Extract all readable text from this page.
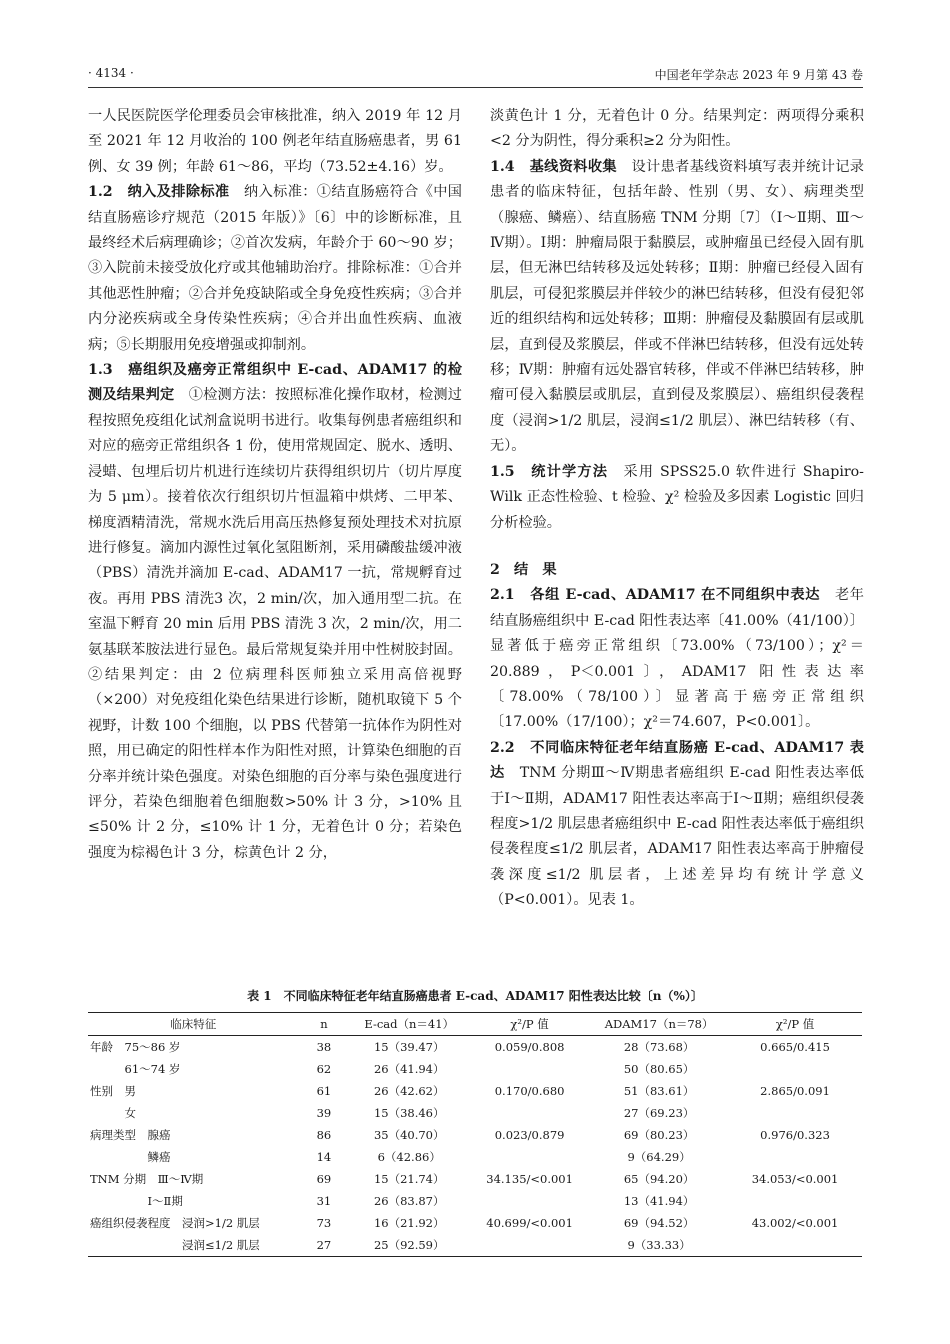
· 4134 ·	中国老年学杂志 2023 年 9 月第 43 卷

一人民医院医学伦理委员会审核批准，纳入 2019 年 12 月至 2021 年 12 月收治的 100 例老年结直肠癌患者，男 61 例、女 39 例；年龄 61～86，平均（73.52±4.16）岁。

1.2　纳入及排除标准　纳入标准：①结直肠癌符合《中国结直肠癌诊疗规范（2015 年版）》〔6〕中的诊断标准，且最终经术后病理确诊；②首次发病，年龄介于 60～90 岁；③入院前未接受放化疗或其他辅助治疗。排除标准：①合并其他恶性肿瘤；②合并免疫缺陷或全身免疫性疾病；③合并内分泌疾病或全身传染性疾病；④合并出血性疾病、血液病；⑤长期服用免疫增强或抑制剂。

1.3　癌组织及癌旁正常组织中 E-cad、ADAM17 的检测及结果判定　①检测方法：按照标准化操作取材，检测过程按照免疫组化试剂盒说明书进行。收集每例患者癌组织和对应的癌旁正常组织各 1 份，使用常规固定、脱水、透明、浸蜡、包埋后切片机进行连续切片获得组织切片（切片厚度为 5 μm）。接着依次行组织切片恒温箱中烘烤、二甲苯、梯度酒精清洗，常规水洗后用高压热修复预处理技术对抗原进行修复。滴加内源性过氧化氢阻断剂，采用磷酸盐缓冲液（PBS）清洗并滴加 E-cad、ADAM17 一抗，常规孵育过夜。再用 PBS 清洗3 次，2 min/次，加入通用型二抗。在室温下孵育 20 min 后用 PBS 清洗 3 次，2 min/次，用二氨基联苯胺法进行显色。最后常规复染并用中性树胶封固。②结果判定：由 2 位病理科医师独立采用高倍视野（×200）对免疫组化染色结果进行诊断，随机取镜下 5 个视野，计数 100 个细胞，以 PBS 代替第一抗体作为阴性对照，用已确定的阳性样本作为阳性对照，计算染色细胞的百分率并统计染色强度。对染色细胞的百分率与染色强度进行评分，若染色细胞着色细胞数>50% 计 3 分，>10% 且≤50% 计 2 分，≤10% 计 1 分，无着色计 0 分；若染色强度为棕褐色计 3 分，棕黄色计 2 分，

淡黄色计 1 分，无着色计 0 分。结果判定：两项得分乘积<2 分为阴性，得分乘积≥2 分为阳性。

1.4　基线资料收集　设计患者基线资料填写表并统计记录患者的临床特征，包括年龄、性别（男、女）、病理类型（腺癌、鳞癌）、结直肠癌 TNM 分期〔7〕（Ⅰ～Ⅱ期、Ⅲ～Ⅳ期）。Ⅰ期：肿瘤局限于黏膜层，或肿瘤虽已经侵入固有肌层，但无淋巴结转移及远处转移；Ⅱ期：肿瘤已经侵入固有肌层，可侵犯浆膜层并伴较少的淋巴结转移，但没有侵犯邻近的组织结构和远处转移；Ⅲ期：肿瘤侵及黏膜固有层或肌层，直到侵及浆膜层，伴或不伴淋巴结转移，但没有远处转移；Ⅳ期：肿瘤有远处器官转移，伴或不伴淋巴结转移，肿瘤可侵入黏膜层或肌层，直到侵及浆膜层）、癌组织侵袭程度（浸润>1/2 肌层，浸润≤1/2 肌层）、淋巴结转移（有、无）。

1.5　统计学方法　采用 SPSS25.0 软件进行 Shapiro-Wilk 正态性检验、t 检验、χ² 检验及多因素 Logistic 回归分析检验。

2　结　果

2.1　各组 E-cad、ADAM17 在不同组织中表达　老年结直肠癌组织中 E-cad 阳性表达率〔41.00%（41/100）〕显著低于癌旁正常组织〔73.00%（73/100）；χ²＝20.889，P＜0.001〕，ADAM17 阳性表达率〔78.00%（78/100）〕显著高于癌旁正常组织〔17.00%（17/100）；χ²＝74.607，P<0.001〕。

2.2　不同临床特征老年结直肠癌 E-cad、ADAM17 表达　TNM 分期Ⅲ～Ⅳ期患者癌组织 E-cad 阳性表达率低于Ⅰ～Ⅱ期，ADAM17 阳性表达率高于Ⅰ～Ⅱ期；癌组织侵袭程度>1/2 肌层患者癌组织中 E-cad 阳性表达率低于癌组织侵袭程度≤1/2 肌层者，ADAM17 阳性表达率高于肿瘤侵袭深度≤1/2 肌层者，上述差异均有统计学意义（P<0.001）。见表 1。

表 1　不同临床特征老年结直肠癌患者 E-cad、ADAM17 阳性表达比较〔n（%）〕
临床特征	n	E-cad（n＝41）	χ²/P 值	ADAM17（n＝78）	χ²/P 值
年龄　75～86 岁	38	15（39.47）	0.059/0.808	28（73.68）	0.665/0.415
　　　61～74 岁	62	26（41.94）		50（80.65）	
性别　男	61	26（42.62）	0.170/0.680	51（83.61）	2.865/0.091
　　　女	39	15（38.46）		27（69.23）	
病理类型　腺癌	86	35（40.70）	0.023/0.879	69（80.23）	0.976/0.323
　　　　　鳞癌	14	6（42.86）		9（64.29）	
TNM 分期　Ⅲ～Ⅳ期	69	15（21.74）	34.135/<0.001	65（94.20）	34.053/<0.001
　　　　　Ⅰ～Ⅱ期	31	26（83.87）		13（41.94）	
癌组织侵袭程度　浸润>1/2 肌层	73	16（21.92）	40.699/<0.001	69（94.52）	43.002/<0.001
　　　　　　　　浸润≤1/2 肌层	27	25（92.59）		9（33.33）	
